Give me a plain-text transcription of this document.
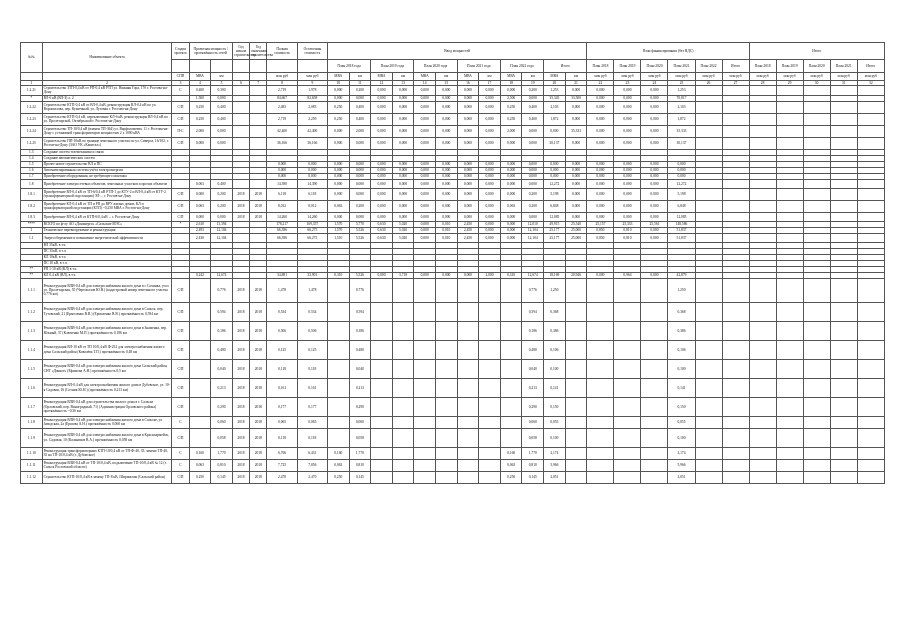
№№	Наименование объекта	Стадия проекта	Проектная мощность / протяжённость сетей		Год начала строительства	Год окончания строительства	Полная стоимость	Остаточная стоимость	Ввод мощностей												План финансирования (без НДС)						Итого				
									План 2018 года		План 2019 года		План 2020 года		План 2021 года		План 2022 года		Итого		План 2018	План 2019	План 2020	План 2021	План 2022	Итого	План 2018	План 2019	План 2020	План 2021	Итого
		СПП	МВА	км			млн руб	млн руб	МВА	км	МВА	км	МВА	км	МВА	км	МВА	км	МВА	км	млн руб	млн руб	млн руб	млн руб	млн руб	млн руб	млн руб	млн руб	млн руб	млн руб	млн руб
1	2	3	4	5	6	7	8	9	10	11	12	13	14	15	16	17	18	19	20	21	22	23	24	25	26	27	28	29	30	31	32
1.2.21	Строительство ЗТП-0,4 кВ от РП-0,4 кВ РТП ул. Нижняя Гора, 17б г. Ростова-на-Дону	С	0,400	0,300			2,719	1,978	0,000	0,200	0,000	0,000	0,000	0,000	0,000	0,000	0,000	0,200	1,253	0,000	0,000	0,000	0,000	1,253							
*	ВЛ-6 кВ (ВЛ-З) л. 2		1,500	0,000			84,667	82,658	0,000	0,000	0,000	0,000	0,000	0,000	0,000	0,000	2,500	0,000	35,345	33,500	0,000	0,000	0,000	70,817							
1.2.22	Строительство КТП-0,4 кВ от ВЛ-0,4 кВ, реконструкция ВЛ-0,4 кВ по ул. Ворошилова, пер. Кузнечный, ул. Луговая г. Ростова-на-Дону	С/П	0,250	0,400			2,483	2,083	0,250	0,400	0,000	0,000	0,000	0,000	0,000	0,000	0,250	0,400	2,103	0,000	0,000	0,000	0,000	2,103							
1.2.23	Строительство КТП-0,4 кВ, переключение КЛ-6 кВ, реконструкция ВЛ-0,4 кВ по ул. Пролетарской, Октябрьской г. Ростова-на-Дону	С/П	0,250	0,400			2,719	2,259	0,250	0,400	0,000	0,000	0,000	0,000	0,000	0,000	0,250	0,400	1,872	0,000	0,000	0,000	0,000	1,872							
1.2.24	Строительство ТП-10/0,4 кВ (взамен ТП-364) ул. Варфоломеева, 11 г. Ростова-на-Дону с установкой трансформаторов мощностью 2 х 1000 кВА	П-С	2,000	0,000			42,400	42,400	0,000	2,000	0,000	0,000	0,000	0,000	0,000	0,000	2,000	0,000	0,000	35,333	0,000	0,000	0,000	35,333							
1.2.25	Строительство ПП-10кВ по границе земельного участка по ул. Сиверса, 16/102, г. Ростов-на-Дону (ЗАО УК «Капитал»)	С/П	0,000	0,000			36,166	36,166	0,000	0,000	0,000	0,000	0,000	0,000	0,000	0,000	0,000	0,000	30,137	0,000	0,000	0,000	0,000	30,137							
1.3	Создание систем телемеханики и связи																														
1.4	Создание автоматических систем																														
1.5	Прочее новое строительство ВЛ и ПС						0,000	0,000	0,000	0,000	0,000	0,000	0,000	0,000	0,000	0,000	0,000	0,000	0,000	0,000	0,000	0,000	0,000	0,000							
1.6	Автоматизированная система учёта электроэнергии						0,000	0,000	0,000	0,000	0,000	0,000	0,000	0,000	0,000	0,000	0,000	0,000	0,000	0,000	0,000	0,000	0,000	0,000							
1.7	Приобретение оборудования, не требующего монтажа						0,000	0,000	0,000	0,000	0,000	0,000	0,000	0,000	0,000	0,000	0,000	0,000	0,000	0,000	0,000	0,000	0,000	0,000							
1.8	Приобретение электросетевых объектов, земельных участков и прочих объектов		0,063	0,400			14,390	14,390	0,000	0,000	0,000	0,000	0,000	0,000	0,000	0,000	0,000	0,000	12,272	0,000	0,000	0,000	0,000	12,272							
1.8.1	Приобретение ВЛ-0,4 кВ от ТП-6/0,4 кВ РТП-1 до КТУ-2 и ВЛ-0,4 кВ от КТУ-2 (трансформаторной подстанции) ЭЛ-... г. Ростов-на-Дону	С/П	0,000	0,200	2018	2018	6,118	6,118	0,000	0,000	0,000	0,000	0,000	0,000	0,000	0,000	0,000	0,200	5,198	0,000	0,000	0,000	0,000	5,198							
1.8.2	Приобретение КЛ-0,4 кВ от ТП и РП до ВРУ жилых домов, КЛ и трансформаторной подстанции (КТП) ~0,250 МВА г. Ростов-на-Дону	С/П	0,063	0,200	2018	2018	8,012	8,012	0,063	0,200	0,000	0,000	0,000	0,000	0,000	0,000	0,063	0,200	6,848	0,000	0,000	0,000	0,000	6,848							
1.8.3	Приобретение ВЛ-0,4 кВ от КТП-6/0,4 кВ ... г. Ростов-на-Дону	С/П	0,000	0,000	2018	2018	14,260	14,260	0,000	0,000	0,000	0,000	0,000	0,000	0,000	0,000	0,000	0,000	12,085	0,000	0,000	0,000	0,000	12,085							
****	ВСЕГО по ф-лу АО «Донэнерго» «Сальские МЭС»	*	2,610	13,394			178,217	169,357	1,570	5,770	0,630	5,020	0,000	0,010	2,450	0,000	0,000	12,010	49,915	25,540	25,157	25,333	25,561	148,586							
1	Техническое перевооружение и реконструкция		2,493	12,104			66,396	66,275	1,570	5,526	0,630	5,020	0,000	0,010	2,450	0,000	0,000	12,104	25,177	25,000	0,850	0,810	0,000	51,837							
1.1	Энергосбережение и повышение энергетической эффективности		2,430	12,104			66,396	66,275	1,510	5,526	0,630	5,020	0,000	0,010	2,450	0,000	0,000	12,104	25,177	25,000	0,850	0,810	0,000	51,837							
	ВЛ 35кВ, в т.ч.																														
	ПС 35кВ, в т.ч.																														
	КЛ 10кВ, в т.ч.																														
	ПС 10 кВ, в т.ч.																														
**	РП 1-10 кВ (КЛ) в т.ч.																														
**	КЛ 0,4 кВ (ВЛ), в т.ч.		0,242	12,674			34,881	33,901	0,310	5,526	0,000	3,718	0,000	0,000	0,000	2,000	0,310	12,674	18,169	20,946	0,000	0,964	0,000	42,879							
1.1.1	Реконструкция ВЛИ-0,4 кВ для электроснабжения жилого дома в с.Сочинка, угол ул. Пролетарская, 55 (Чертопалов Ю.В.) (кадастровый номер земельного участка 0,776 км)	С/П		0,776	2018	2018	1,478	1,478		0,776								0,776	1,250					1,250							
1.1.2	Реконструкция ВЛИ-0,4 кВ для электроснабжения жилого дома в Сальск, пер. Тутовский, 21 (Ермоленко В.В.) (Ермоленко В.В.) протяжённость 0,594 км	С/П		0,594	2018	2018	0,534	0,534		0,594								0,594	0,368					0,368							
1.1.3	Реконструкция ВЛИ-0,4 кВ для электроснабжения жилого дома в Знаменка, пер. Южный, 37 (Ключенко М.П.) протяжённость 0,186 км	С/П		0,186	2018	2018	0,506	0,506		0,186								0,186	0,386					0,386							
1.1.4	Реконструкция ВЛ-10 кВ от ТП 10/0,4 кВ Ф-252 для электроснабжения жилого дома Сальский район (Ковалёва Т.П.) протяжённость 0,48 км	С/П		0,480	2018	2018	0,125	0,125		0,480								0,480	0,106					0,106							
1.1.5	Реконструкция ВЛИ-0,4 кВ для электроснабжения жилого дома Сальский район, СНТ «Дачное» (Ефимова А.Н.) протяжённость 0,5 км	С/П		0,040	2018	2018	0,118	0,118		0,040								0,040	0,100					0,100							
1.1.6	Реконструкция ВЛ-0,4 кВ для электроснабжения жилого дома в Дубовское, ул. 10-я Садовая, 16 (Сотник Ю.Н.) (протяжённость 0,213 км)	С/П		0,213	2018	2018	0,161	0,161		0,213								0,213	0,141					0,141							
1.1.7	Реконструкция ВЛИ-0,4 кВ для строительства жилого дома в г. Сальске (Орловский, пер. Виноградный, 71) (Администрация Орловского района) протяжённость ~0,36 км	С/П		0,290	2018	2018	0,177	0,177		0,290								0,290	0,150					0,150							
1.1.8	Реконструкция ВЛИ-0,4 кВ для электроснабжения жилого дома в Сальске, ул. Заводская, 2а (Ершова А.Н.) протяжённость 0,060 км	С		0,060	2018	2018	0,065	0,065		0,060								0,060	0,055					0,055							
1.1.9	Реконструкция ВЛИ-0,4 кВ для электроснабжения жилого дома в Красноармейск, ул. Садовая, 10 (Кальников В.А.) протяжённость 0,058 км	С/П		0,058	2018	2018	0,118	0,118		0,058								0,058	0,100					0,100							
1.1.10	Реконструкция трансформаторных КТП-10/0,4 кВ от ТП-Ф-40, 35, замена ТП-40, 35 на ТП-10/0,4 кВ (г. Дубовское)	С	0,160	1,770	2018	2018	6,766	6,431	0,160	1,770							0,160	1,770	2,174					2,174							
1.1.11	Реконструкция ВЛИ-0,4 кВ от ТП-10/0,4 кВ, подключение ТП-10/0,4 кВ № 12 (г. Сальск Ростовской области)	С	0,063	0,810	2018	2018	7,725	7,056	0,063	0,810							0,063	0,810	5,966					5,966							
1.1.12	Строительство КТП-10/0,4 кВ в замену ТП-8 кВ, Ширинская (Сальский район)	С/П	0,250	0,145	2018	2018	2,470	2,470	0,250	0,145							0,250	0,145	2,051					2,051							
